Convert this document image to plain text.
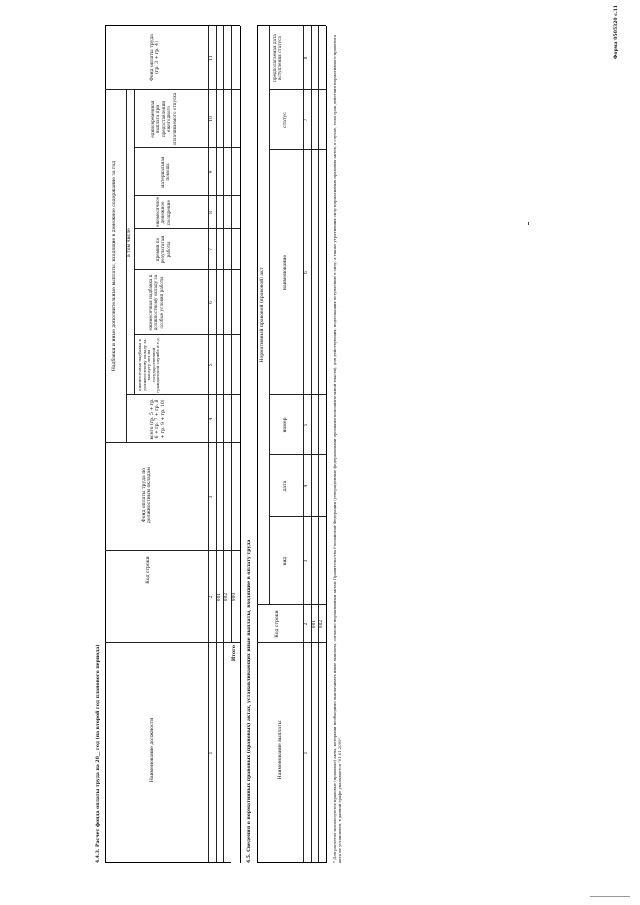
Форма 0505320 с.11
4.4.3. Расчет фонда оплаты труда на 20__ год (на второй год планового периода)	Наименование должности
Код строки
Фонд оплаты труда по должностным окладам
Надбавки и иные дополнительные выплаты, входящие в денежное содержание за год
всего (гр. 5 + гр. 6 + гр. 7 + гр. 8 + гр. 9 + гр. 10)
в том числе
ежемесячная надбавка к должностному окладу за выслугу лет на государственной гражданской службе и т.д.
ежемесячная надбавка к должностному окладу за особые условия работы
премии по результатам работы
ежемесячное денежное поощрение
материальная помощь
единовременная выплата при предоставлении ежегодного оплачиваемого отпуска
Фонд оплаты труда (гр. 3 + гр. 4)
1
2
3
4
5
6
7
8
9
10
11
001 002
Итого
900 4.5. Сведения о нормативных правовых (правовых) актах, устанавливающих иные выплаты, входящие в оплату труда	Наименование выплаты
Код строки
Нормативный правовой (правовой) акт
вид
дата
номер
наименование
статус
предполагаемая дата вступления статуса
1
2
3
4
5
6
7
8
001 002 * Для расчетов используются правовые (правовые) акты, которыми необходимо выплачивать иные выплаты, согласно нормативным актам Правительства Российской Федерации (утвержденные федеральными органами исполнительной власти), для действующих, подлежащих вступлению в силу, а также утративших силу нормативных правовых актов, в случае, если срок действия нормативного правового акта не установлен, в данной графе указывается "01.01.2099".
